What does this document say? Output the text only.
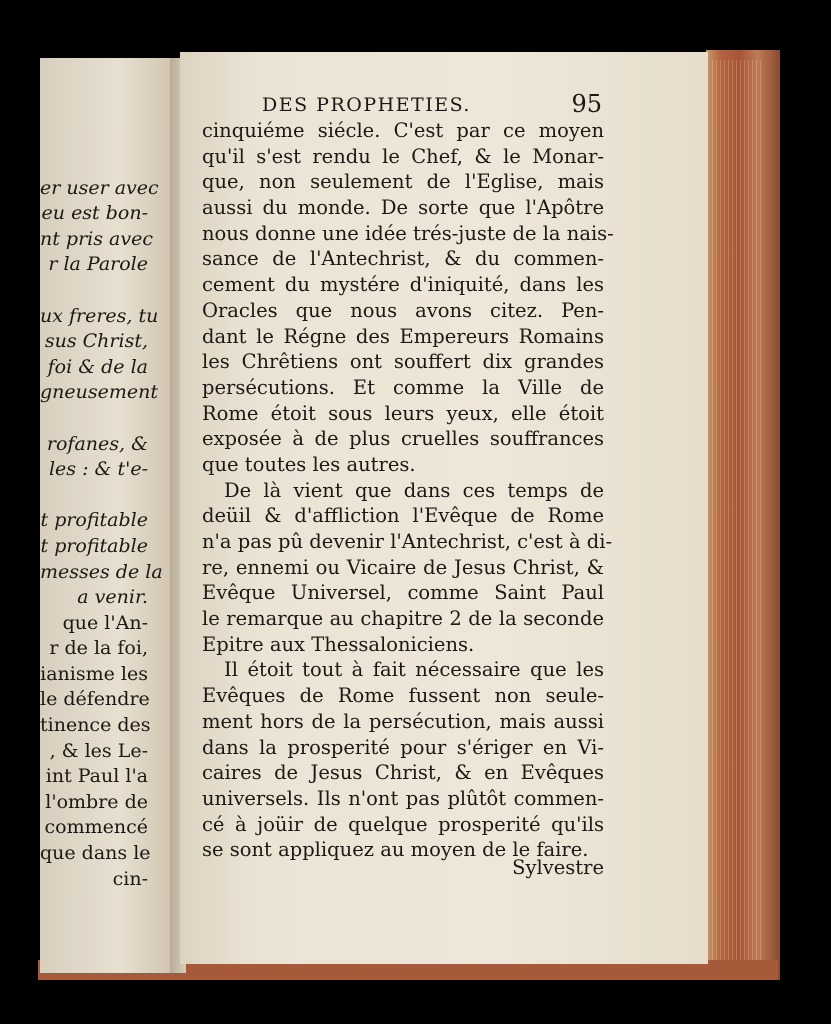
er user avec
eu est bon-
nt pris avec
r la Parole
ux freres, tu
sus Christ,
foi & de la
gneusement
rofanes, &
les : & t'e-
t profitable
t profitable
messes de la
a venir.
que l'An-
r de la foi,
ianisme les
le défendre
tinence des
, & les Le-
int Paul l'a
l'ombre de
commencé
que dans le
cin-
DES PROPHETIES.	95
cinquiéme siécle. C'est par ce moyen
qu'il s'est rendu le Chef, & le Monar-
que, non seulement de l'Eglise, mais
aussi du monde. De sorte que l'Apôtre
nous donne une idée trés-juste de la nais-
sance de l'Antechrist, & du commen-
cement du mystére d'iniquité, dans les
Oracles que nous avons citez. Pen-
dant le Régne des Empereurs Romains
les Chrêtiens ont souffert dix grandes
persécutions. Et comme la Ville de
Rome étoit sous leurs yeux, elle étoit
exposée à de plus cruelles souffrances
que toutes les autres.
De là vient que dans ces temps de
deüil & d'affliction l'Evêque de Rome
n'a pas pû devenir l'Antechrist, c'est à di-
re, ennemi ou Vicaire de Jesus Christ, &
Evêque Universel, comme Saint Paul
le remarque au chapitre 2 de la seconde
Epitre aux Thessaloniciens.
Il étoit tout à fait nécessaire que les
Evêques de Rome fussent non seule-
ment hors de la persécution, mais aussi
dans la prosperité pour s'ériger en Vi-
caires de Jesus Christ, & en Evêques
universels. Ils n'ont pas plûtôt commen-
cé à joüir de quelque prosperité qu'ils
se sont appliquez au moyen de le faire.
Sylvestre
